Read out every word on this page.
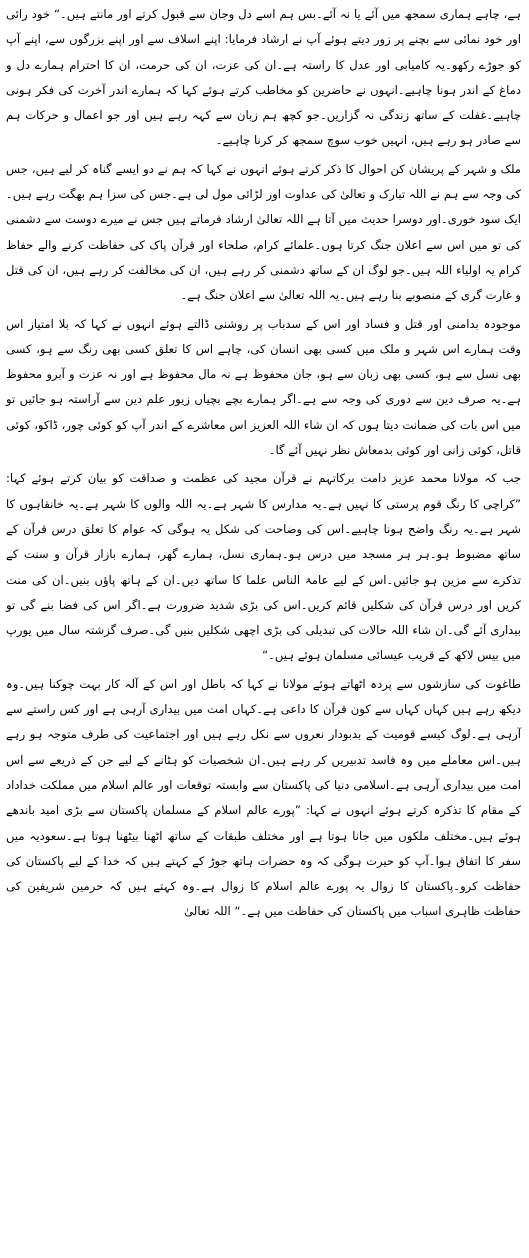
ہے، چاہے ہماری سمجھ میں آئے یا نہ آئے۔بس ہم اسے دل وجان سے قبول کرتے اور مانتے ہیں۔“ خود رائی اور خود نمائی سے بچنے پر زور دیتے ہوئے آپ نے ارشاد فرمایا: اپنے اسلاف سے اور اپنے بزرگوں سے، اپنے آپ کو جوڑے رکھو۔یہ کامیابی اور عدل کا راستہ ہے۔ان کی عزت، ان کی حرمت، ان کا احترام ہمارے دل و دماغ کے اندر ہونا چاہیے۔انہوں نے حاضرین کو مخاطب کرتے ہوئے کہا کہ ہمارے اندر آخرت کی فکر ہونی چاہیے۔غفلت کے ساتھ زندگی نہ گزاریں۔جو کچھ ہم زبان سے کہہ رہے ہیں اور جو اعمال و حرکات ہم سے صادر ہو رہے ہیں، انہیں خوب سوچ سمجھ کر کرنا چاہیے۔

ملک و شہر کے پریشان کن احوال کا ذکر کرتے ہوئے انہوں نے کہا کہ ہم نے دو ایسے گناہ کر لیے ہیں، جس کی وجہ سے ہم نے اللہ تبارک و تعالیٰ کی عداوت اور لڑائی مول لی ہے۔جس کی سزا ہم بھگت رہے ہیں۔ایک سود خوری۔اور دوسرا حدیث میں آتا ہے اللہ تعالیٰ ارشاد فرماتے ہیں جس نے میرے دوست سے دشمنی کی تو میں اس سے اعلان جنگ کرتا ہوں۔علمائے کرام، صلحاء اور قرآن پاک کی حفاظت کرنے والے حفاظ کرام یہ اولیاء اللہ ہیں۔جو لوگ ان کے ساتھ دشمنی کر رہے ہیں، ان کی مخالفت کر رہے ہیں، ان کی قتل و غارت گری کے منصوبے بنا رہے ہیں۔یہ اللہ تعالیٰ سے اعلان جنگ ہے۔

موجودہ بدامنی اور قتل و فساد اور اس کے سدباب پر روشنی ڈالتے ہوئے انہوں نے کہا کہ بلا امتیاز اس وقت ہمارے اس شہر و ملک میں کسی بھی انسان کی، چاہے اس کا تعلق کسی بھی رنگ سے ہو، کسی بھی نسل سے ہو، کسی بھی زبان سے ہو، جان محفوظ ہے نہ مال محفوظ ہے اور نہ عزت و آبرو محفوظ ہے۔یہ صرف دین سے دوری کی وجہ سے ہے۔اگر ہمارے بچے بچیاں زیور علم دین سے آراستہ ہو جائیں تو میں اس بات کی ضمانت دیتا ہوں کہ ان شاء اللہ العزیز اس معاشرے کے اندر آپ کو کوئی چور، ڈاکو، کوئی قاتل، کوئی زانی اور کوئی بدمعاش نظر نہیں آئے گا۔

جب کہ مولانا محمد عزیز دامت برکاتہم نے قرآن مجید کی عظمت و صداقت کو بیان کرتے ہوئے کہا: ”کراچی کا رنگ قوم پرستی کا نہیں ہے۔یہ مدارس کا شہر ہے۔یہ اللہ والوں کا شہر ہے۔یہ خانقاہوں کا شہر ہے۔یہ رنگ واضح ہونا چاہیے۔اس کی وضاحت کی شکل یہ ہوگی کہ عوام کا تعلق درس قرآن کے ساتھ مضبوط ہو۔ہر ہر مسجد میں درس ہو۔ہماری نسل، ہمارے گھر، ہمارے بازار قرآن و سنت کے تذکرے سے مزین ہو جائیں۔اس کے لیے عامۃ الناس علما کا ساتھ دیں۔ان کے ہاتھ پاؤں بنیں۔ان کی منت کریں اور درس قرآن کی شکلیں قائم کریں۔اس کی بڑی شدید ضرورت ہے۔اگر اس کی فضا بنے گی تو بیداری آئے گی۔ان شاء اللہ حالات کی تبدیلی کی بڑی اچھی شکلیں بنیں گی۔صرف گزشتہ سال میں یورپ میں بیس لاکھ کے قریب عیسائی مسلمان ہوئے ہیں۔“

طاغوت کی سازشوں سے پردہ اٹھاتے ہوئے مولانا نے کہا کہ باطل اور اس کے آلہ کار بہت چوکنا ہیں۔وہ دیکھ رہے ہیں کہاں کہاں سے کون قرآن کا داعی ہے۔کہاں امت میں بیداری آرہی ہے اور کس راستے سے آرہی ہے۔لوگ کیسے قومیت کے بدبودار نعروں سے نکل رہے ہیں اور اجتماعیت کی طرف متوجہ ہو رہے ہیں۔اس معاملے میں وہ فاسد تدبیریں کر رہے ہیں۔ان شخصیات کو ہٹانے کے لیے جن کے ذریعے سے اس امت میں بیداری آرہی ہے۔اسلامی دنیا کی پاکستان سے وابستہ توقعات اور عالم اسلام میں مملکت خداداد کے مقام کا تذکرہ کرتے ہوئے انہوں نے کہا: ”پورے عالم اسلام کے مسلمان پاکستان سے بڑی امید باندھے ہوئے ہیں۔مختلف ملکوں میں جانا ہوتا ہے اور مختلف طبقات کے ساتھ اٹھنا بیٹھنا ہوتا ہے۔سعودیہ میں سفر کا اتفاق ہوا۔آپ کو حیرت ہوگی کہ وہ حضرات ہاتھ جوڑ کے کہتے ہیں کہ خدا کے لیے پاکستان کی حفاظت کرو۔پاکستان کا زوال یہ پورے عالم اسلام کا زوال ہے۔وہ کہتے ہیں کہ حرمین شریفین کی حفاظت ظاہری اسباب میں پاکستان کی حفاظت میں ہے۔“ اللہ تعالیٰ
